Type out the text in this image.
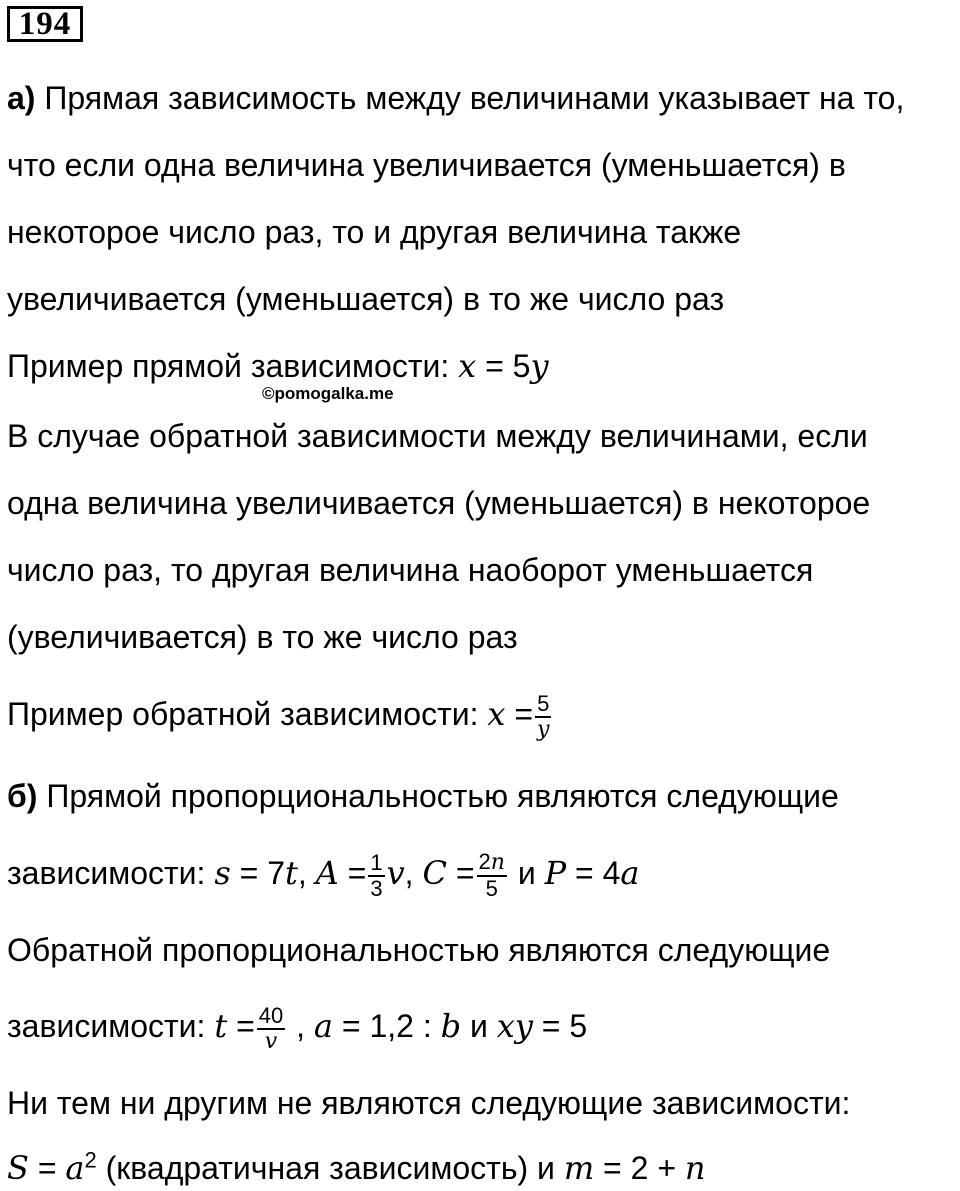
194
а) Прямая зависимость между величинами указывает на то,
что если одна величина увеличивается (уменьшается) в
некоторое число раз, то и другая величина также
увеличивается (уменьшается) в то же число раз
Пример прямой зависимости: x = 5y
©pomogalka.me
В случае обратной зависимости между величинами, если
одна величина увеличивается (уменьшается) в некоторое
число раз, то другая величина наоборот уменьшается
(увеличивается) в то же число раз
Пример обратной зависимости: $x = \frac{5}{y}$
б) Прямой пропорциональностью являются следующие
зависимости: s = 7t, $A = \frac{1}{3} v$, $C = \frac{2n}{5}$ и P = 4a
Обратной пропорциональностью являются следующие
зависимости: $t = \frac{40}{v}$ , a = 1,2 : b и xy = 5
Ни тем ни другим не являются следующие зависимости:
$S = a^2$ (квадратичная зависимость) и m = 2 + n
